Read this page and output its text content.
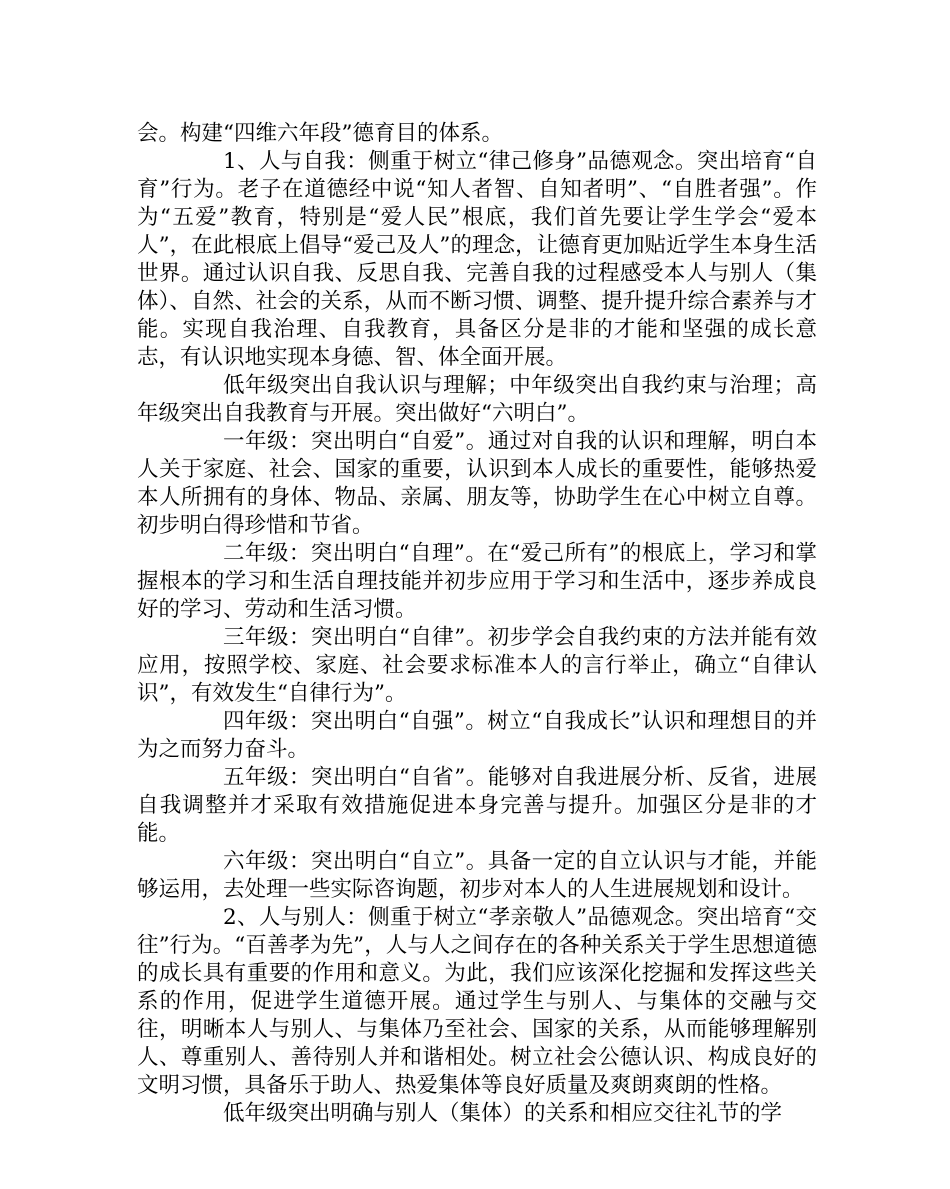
会。构建“四维六年段”德育目的体系。

1、人与自我：侧重于树立“律己修身”品德观念。突出培育“自育”行为。老子在道德经中说“知人者智、自知者明”、“自胜者强”。作为“五爱”教育，特别是“爱人民”根底，我们首先要让学生学会“爱本人”，在此根底上倡导“爱己及人”的理念，让德育更加贴近学生本身生活世界。通过认识自我、反思自我、完善自我的过程感受本人与别人（集体）、自然、社会的关系，从而不断习惯、调整、提升提升综合素养与才能。实现自我治理、自我教育，具备区分是非的才能和坚强的成长意志，有认识地实现本身德、智、体全面开展。

低年级突出自我认识与理解；中年级突出自我约束与治理；高年级突出自我教育与开展。突出做好“六明白”。

一年级：突出明白“自爱”。通过对自我的认识和理解，明白本人关于家庭、社会、国家的重要，认识到本人成长的重要性，能够热爱本人所拥有的身体、物品、亲属、朋友等，协助学生在心中树立自尊。初步明白得珍惜和节省。

二年级：突出明白“自理”。在“爱己所有”的根底上，学习和掌握根本的学习和生活自理技能并初步应用于学习和生活中，逐步养成良好的学习、劳动和生活习惯。

三年级：突出明白“自律”。初步学会自我约束的方法并能有效应用，按照学校、家庭、社会要求标准本人的言行举止，确立“自律认识”，有效发生“自律行为”。

四年级：突出明白“自强”。树立“自我成长”认识和理想目的并为之而努力奋斗。

五年级：突出明白“自省”。能够对自我进展分析、反省，进展自我调整并才采取有效措施促进本身完善与提升。加强区分是非的才能。

六年级：突出明白“自立”。具备一定的自立认识与才能，并能够运用，去处理一些实际咨询题，初步对本人的人生进展规划和设计。

2、人与别人：侧重于树立“孝亲敬人”品德观念。突出培育“交往”行为。“百善孝为先”，人与人之间存在的各种关系关于学生思想道德的成长具有重要的作用和意义。为此，我们应该深化挖掘和发挥这些关系的作用，促进学生道德开展。通过学生与别人、与集体的交融与交往，明晰本人与别人、与集体乃至社会、国家的关系，从而能够理解别人、尊重别人、善待别人并和谐相处。树立社会公德认识、构成良好的文明习惯，具备乐于助人、热爱集体等良好质量及爽朗爽朗的性格。

低年级突出明确与别人（集体）的关系和相应交往礼节的学
